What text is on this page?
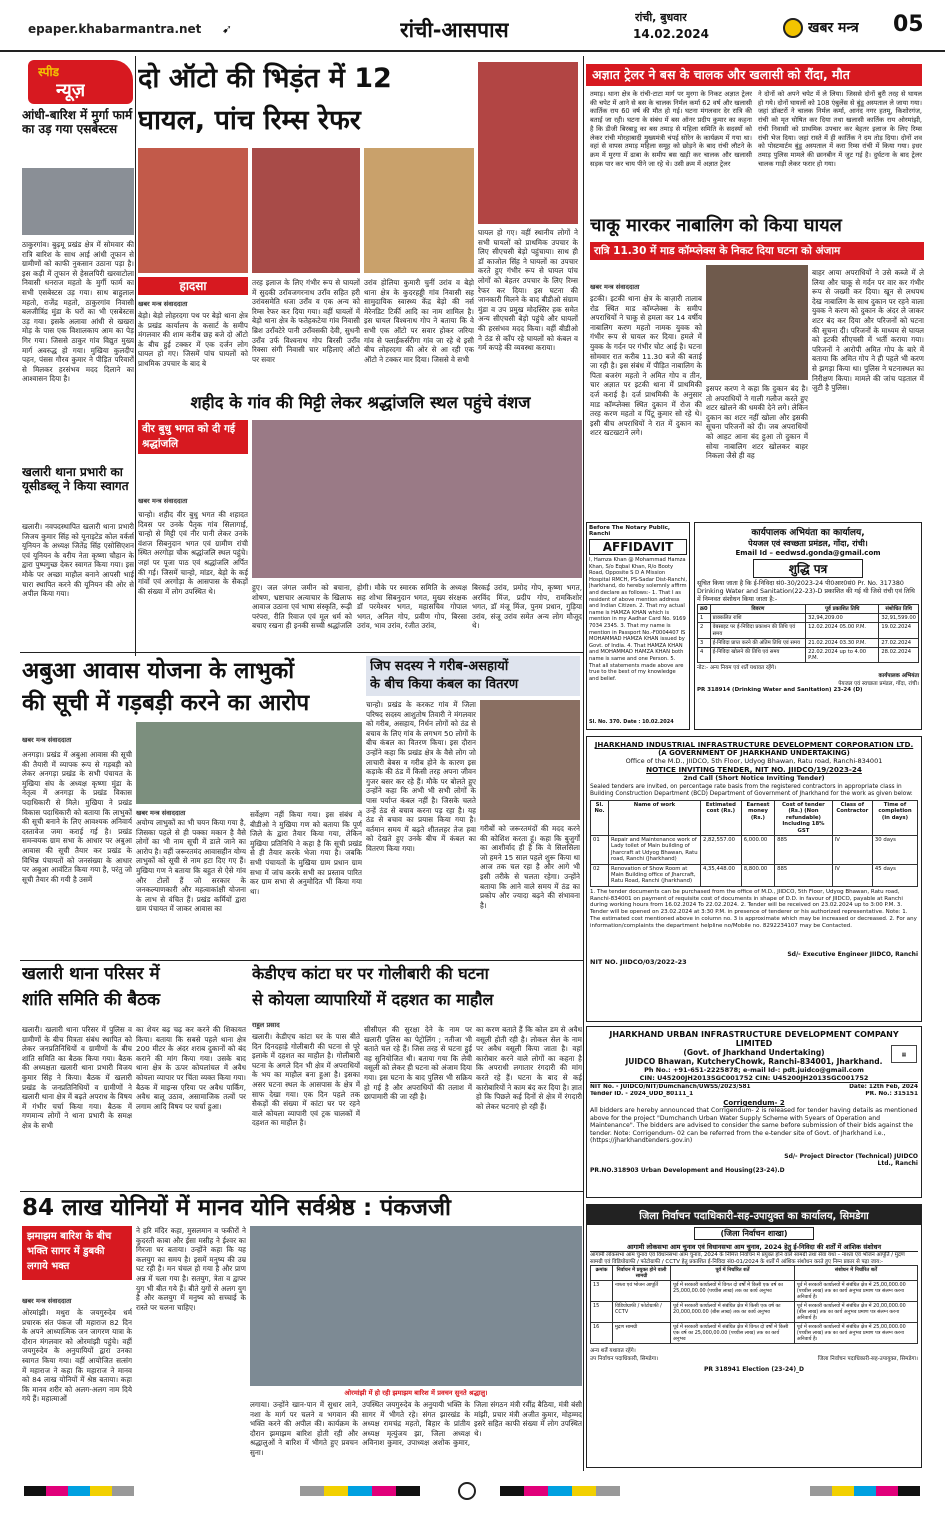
epaper.khabarmantra.net ➹	रांची-आसपास
रांची, बुधवार
14.02.2024	खबर मन्त्र 05
स्पीड
न्यूज़
आंधी-बारिश में मुर्गा फार्म का उड़ गया एसबेस्टस
ठाकुरगांव। बुढ़मू प्रखंड क्षेत्र में सोमवार की रात्रि बारिश के साथ आई आंधी तूफान से ग्रामीणों को काफी नुकसान उठाना पड़ा है। इस कड़ी में तूफान से हेसलपिरी खरवाटोला निवासी धनराज महतो के मुर्गी फार्म का सभी एसबेस्टस उड़ गया। साथ बाहुलाल महतो, राजेंद्र महतो, ठाकुरगांव निवासी बलजीत्रिंद्र मुंडा के घरों का भी एसबेस्टस उड़ गया। इसके अलावा आंधी से खखरा मोड़ के पास एक विशालकाय आम का पेड़ गिर गया। जिससे ठाकुर गांव विद्युत मुख्य मार्ग अवरुद्ध हो गया। मुखिया कुलदीप पहन, पंसस गौरव कुमार ने पीड़ित परिवारों से मिलकर हरसंभव मदद दिलाने का आश्वासन दिया है।
खलारी थाना प्रभारी का यूसीडब्लू ने किया स्वागत
खलारी। नवपदस्थापित खलारी थाना प्रभारी जिजय कुमार सिंह को यूनाइटेड कोल वर्कर्स यूनियन के अध्यक्ष जितेंद्र सिंह एसोसिएशन एवं यूनियन के वरीय नेता कृष्णा चौहान के द्वारा पुष्पगुच्छ देकर स्वागत किया गया। इस मौके पर अच्छा माहौल बनाने आपसी भाई चारा स्थापित करने की यूनियन की ओर से अपील किया गया।
दो ऑटो की भिड़ंत में 12
घायल, पांच रिम्स रेफर
हादसा
खबर मन्त्र संवाददाता
बेड़ो। बेड़ो लोहरदगा पथ पर बेड़ो थाना क्षेत्र के प्रखंड कार्यालय के कसार्ट के समीप मंगलवार की शाम करीब छह बजे दो ऑटो के बीच हुई टक्कर में एक दर्जन लोग घायल हो गए। जिसमें पांच घायलों को प्राथमिक उपचार के बाद बे
तरह इलाज के लिए गंभीर रूप से घायलों में सुदकी उराँवजगरनाथ उराँव सहित हरी उरांवसमेति धजा उराँव व एक अन्य को रिम्स रेफर कर दिया गया। वहीं घायलों में बेड़ो थाना क्षेत्र के फतेहकटेया गांव निवासी ब्रिश उराँवटेरे पानी उराँवसकी देवी, सुधनी उराँव उर्फ विश्वनाथ गोप बिरसी उराँव रिक्सा संगी निवासी चार महिलाएं ऑटो पर सवार
उरांव होलिया कुमारी चुनीं उरांव व बेड़ो थाना क्षेत्र के कुदरहड्डी गांव निवासी सह सामुदायिक स्वास्थ्य केंद्र बेड़ो की नर्स मेरेनडिट टिर्की आदि का नाम शामिल है। इस घायल विश्वनाथ गोप ने बताया कि वे सभी एक ऑटो पर सवार होकर जरिया गांव से फ्लाईकर्सरीगा गांव जा रहे थे इसी बीच लोहरदगा की ओर से आ रही एक ऑटो ने टक्कर मार दिया। जिससे वे सभी
घायल हो गए। वहीं स्थानीय लोगों ने सभी घायलों को प्राथमिक उपचार के लिए सीएचसी बेड़ो पहुंचाया। साथ ही डॉ काजोल सिंह ने घायलों का उपचार करते हुए गंभीर रूप से घायल पांच लोगों को बेहतर उपचार के लिए रिम्स रेफर कर दिया। इस घटना की जानकारी मिलने के बाद बीडीओ संग्राम मुंडा व उप प्रमुख मोदस्सिर हक समेत अन्य सीएचसी बेड़ो पहुंचे और घायलों की हरसंभव मदद किया। वहीं बीडीओ ने ठंड से काँप रहे घायलों को कंबल व गर्म कपड़े की व्यवस्था कराया।
अज्ञात ट्रेलर ने बस के चालक और खलासी को रौंदा, मौत
तमाड़। थाना क्षेत्र के रांची-टाटा मार्ग पर मुरगा के निकट अज्ञात ट्रेलर की चपेट में आने से बस के चालक निर्मल कर्मा 62 वर्ष और खलासी कार्तिक राय 60 वर्ष की मौत हो गई। घटना मंगलवार देर रात्रि की बताई जा रही। घटना के संबंध में बस ऑनर प्रदीप कुमार का कहना है कि डीजी बिरबाडू का बस तमाड़ से महिला समिति के सदस्यों को लेकर रांची मोरहाबादी मुख्यमंत्री चंपई सोरेन के कार्यक्रम में गया था। वहां से वापस तमाड़ महिला समूह को छोड़ने के बाद रांची लौटने के क्रम में मुरगा में ढाबा के समीप बस खड़ी कर चालक और खलासी सड़क पार कर चाय पीने जा रहे थे। उसी क्रम में अज्ञात ट्रेलर
ने दोनों को अपने चपेट में ले लिया। जिससे दोनों बुरी तरह से घायल हो गये। दोनों घायलों को 108 एंबुलेंस से बुंडू अस्पताल ले जाया गया। जहां डॉक्टरों ने चालक निर्मल कर्मा, आनंद नगर हतमू, किशोरगंज, रांची को मृत घोषित कर दिया तथा खलासी कार्तिक राय ओरमांझी, रांची निवासी को प्राथमिक उपचार कर बेहतर इलाज के लिए रिम्स रांची भेज दिया। जहां रास्ते में ही कार्तिक ने दम तोड़ दिया। दोनों शव को पोस्टमार्टम बुंडू अस्पताल में करा रिम्स रांची में किया गया। इधर तमाड़ पुलिस मामले की छानबीन में जुट गई है। दुर्घटना के बाद ट्रेलर चालक गाड़ी लेकर फरार हो गया।
चाकू मारकर नाबालिग को किया घायल
रात्रि 11.30 में माड कॉम्प्लेक्स के निकट दिया घटना को अंजाम
खबर मन्त्र संवाददाता
इटकी। इटकी थाना क्षेत्र के बाज़ारी तालाब रोड स्थित माड कॉम्प्लेक्स के समीप अपराधियों ने चाकू से हमला कर 14 वर्षीय नाबालिग करण महतो नामक युवक को गंभीर रूप से घायल कर दिया। हमले में युवक के गर्दन पर गंभीर चोट आई है। घटना सोमवार रात करीब 11.30 बजे की बताई जा रही है। इस संबंध में पीड़ित नाबालिग के पिता बजरंग महतो ने अमित गोप व तीन, चार अज्ञात पर इटकी थाना में प्राथमिकी दर्ज कराई है। दर्ज प्राथमिकी के अनुसार माड कॉम्प्लेक्स स्थित दुकान में रोज की तरह करण महतो व पिंटू कुमार सो रहे थे। इसी बीच अपराधियों ने रात में दुकान का शटर खटखटाने लगे।
इसपर करण ने कहा कि दुकान बंद है। तो अपराधियों ने गाली गलौज करते हुए शटर खोलने की धमकी देने लगे। लेकिन दुकान का शटर नहीं खोला और इसकी सूचना परिजनों को दी। जब अपराधियों को आहट आना बंद हुआ तो दुकान में सोया नाबालिग शटर खोलकर बाहर निकला जैसे ही वह
बाहर आया अपराधियों ने उसे कब्जे में ले लिया और चाकू से गर्दन पर वार कर गंभीर रूप से जख्मी कर दिया। खून से लथपथ देख नाबालिग के साथ दुकान पर रहने वाला युवक ने करण को दुकान के अंदर ले जाकर शटर बंद कर दिया और परिजनों को घटना की सूचना दी। परिजनों के माध्यम से घायल को इटकी सीएचसी में भर्ती कराया गया। परिजनों ने आरोपी अमित गोप के बारे में बताया कि अमित गोप ने ही पहले भी करण से झगड़ा किया था। पुलिस ने घटनास्थल का निरीक्षण किया। मामले की जांच पड़ताल में जुटी है पुलिस।
शहीद के गांव की मिट्टी लेकर श्रद्धांजलि स्थल पहुंचे वंशज
वीर बुधु भगत को दी गई श्रद्धांजलि
खबर मन्त्र संवाददाता
चान्हो। शहीद वीर बुधु भगत की शहादत दिवस पर उनके पैतृक गांव सिलागाई, चान्हो से मिट्टी एवं नीर पानी लेकर उनके वंशज सिबनुदान भगत एवं ग्रामीण रांची स्थित अरगोड़ा चौक श्रद्धांजलि स्थल पहुंचे। जहां पर पूजा पाठ एवं श्रद्धांजलि अर्पित की गई। जिसमें चान्हो, मांडर, बेड़ो के कई गांवों एवं अरगोड़ा के आसपास के सैकड़ों की संख्या में लोग उपस्थित थे।	हुए। जल जंगल जमीन को बचाना, शोषण, भ्रष्टाचार अत्याचार के खिलाफ आवाज उठाना एवं भाषा संस्कृति, रूढ़ी परंपरा, रीति रिवाज एवं मूल धर्म को बचाए रखना ही इनकी सच्ची श्रद्धांजलि
होगी। मौके पर स्मारक समिति के अध्यक्ष सह शोभा सिबनुदान भगत, मुख्य संरक्षक डॉ परमेश्वर भगत, महासचिव गोपाल भगत, अनिल गोप, प्रवीण गोप, बिरसा उरांव, भाव उरांव, रंजीत उरांव,
बिरकई उरांव, प्रमोद गोप, कृष्णा भगत, अरविंद मिंज, प्रदीप गोप, रामकिशोर भगत, डॉ मंजू मिंज, पुनम प्रधान, गुड़िया उरांव, संजू उरांव समेत अन्य लोग मौजूद थे।
अबुआ आवास योजना के लाभुकों
की सूची में गड़बड़ी करने का आरोप
खबर मन्त्र संवाददाता
अनगड़ा। प्रखंड में अबुआ आवास की सूची की तैयारी में व्यापक रूप से गड़बड़ी को लेकर अनगड़ा प्रखंड के सभी पंचायत के मुखिया संघ के अध्यक्ष कृष्णा मुंडा के नेतृत्व में अनगड़ा के प्रखंड विकास पदाधिकारी से मिले। मुखिया ने प्रखंड विकास पदाधिकारी को बताया कि लाभुकों की सूची बनाने के लिए आवश्यक अनिवार्य दस्तावेज जमा कराई गई है। प्रखंड समन्वयक ग्राम सभा के आधार पर अबुआ आवास की सूची तैयार कर प्रखंड के विभिन्न पंचायतों को जनसंख्या के आधार पर अबुआ आवंटित किया गया है, परंतु जो सूची तैयार की गयी है उसमें
खबर मन्त्र संवाददाता
अयोग्य लाभुकों का भी चयन किया गया है, जिसका पहले से ही पक्का मकान है वैसे लोगों का भी नाम सूची में डाले जाने का आरोप है। वहीं जरूरतमंद आवासहीन योग्य लाभुकों को सूची से नाम हटा दिए गए हैं। मुखिया गण ने बताया कि बहुत से ऐसे गांव और टोलों हैं जो सरकार के जनकल्याणकारी और महत्वाकांक्षी योजना के लाभ से वंचित हैं। प्रखंड कर्मियों द्वारा ग्राम पंचायत में जाकर आवास का
सर्वेक्षण नहीं किया गया। इस संबंध में बीडीओ ने मुखिया गण को बताया कि पूर्ण जिले के द्वारा तैयार किया गया, लेकिन मुखिया प्रतिनिधि ने कहा है कि सूची प्रखंड से ही तैयार करके भेजा गया है। जबकि सभी पंचायतों के मुखिया ग्राम प्रधान ग्राम सभा में जांच करके सभी का प्रस्ताव पारित कर ग्राम सभा से अनुमोदित भी किया गया था।
जिप सदस्य ने गरीब-असहायों
के बीच किया कंबल का वितरण
चान्हो। प्रखंड के करकट गांव में जिला परिषद सदस्य आशुतोष तिवारी ने मंगलवार को गरीब, असहाय, निर्धन लोगों को ठंड से बचाव के लिए गांव के लगभग 50 लोगों के बीच कंबल का वितरण किया। इस दौरान उन्होंने कहा कि प्रखंड क्षेत्र के वैसे लोग जो लाचारी बेबस व गरीब होने के कारण इस कड़ाके की ठंड में किसी तरह अपना जीवन गुजर बसर कर रहे हैं। मौके पर बोलते हुए उन्होंने कहा कि अभी भी सभी लोगों के पास पर्याप्त कंबल नहीं है। जिसके चलते उन्हें ठंड से बचाव करना पड़ रहा है। यह ठंड से बचाव का प्रयास किया गया है। वर्तमान समय में बढ़ते शीतलहर तेज हवा को देखते हुए उनके बीच में कंबल का वितरण किया गया।
गरीबों को जरूरतमंदों की मदद करने की कोशिश करता हूं। कहा कि बुजुर्गों का आशीर्वाद ही है कि वे सिलसिला जो हमने 15 साल पहले शुरू किया था आज तक चल रहा है और आगे भी इसी तरीके से चलता रहेगा। उन्होंने बताया कि आने वाले समय में ठंड का प्रकोप और ज्यादा बढ़ने की संभावना है।
Before The Notary Public, Ranchi
AFFIDAVIT
I, Hamza Khan @ Mohammad Hamza Khan, S/o Eqbal Khan, R/o Booty Road, Opposite S D A Mission Hospital RMCH, PS-Sadar Dist-Ranchi, Jharkhand, do hereby solemnly affirm and declare as follows:- 1. That I as resident of above mention address and Indian Citizen. 2. That my actual name is HAMZA KHAN which is mention in my Aadhar Card No. 9169 7034 2345. 3. That my name is mention in Passport No.-F0004407 IS MOHAMMAD HAMZA KHAN issued by Govt. of India. 4. That HAMZA KHAN and MOHAMMAD HAMZA KHAN both name is same and one Person. 5. That all statements made above are true to the best of my knowledge and belief.
Sl. No. 370. Date : 10.02.2024
कार्यपालक अभियंता का कार्यालय,
पेयजल एवं स्वच्छता प्रमंडल, गोंदा, रांची।
Email Id – eedwsd.gonda@gmail.com
शुद्धि पत्र
सूचित किया जाता है कि ई-निविदा सं0-30/2023-24 पी0आर0सं0 Pr. No. 317380 Drinking Water and Sanitation(22-23)-D प्रकाशित की गई थी जिसे रांची एवं तिथि में निम्नवत संशोधन किया जाता है:-
क्र0	विवरण	पूर्व प्रकाशित तिथि	संशोधित तिथि
1	प्राक्कलित राशि	32,94,209.00	32,91,599.00
2	वेबसाइट पर ई-निविदा प्रकाशन की तिथि एवं समय	12.02.2024 05.00 P.M.	19.02.2024
3	ई-निविदा प्राप्त करने की अंतिम तिथि एवं समय	21.02.2024 03.30 P.M.	27.02.2024
4	ई-निविदा खोलने की तिथि एवं समय	22.02.2024 up to 4.00 P.M.	28.02.2024
नोट:- अन्य नियम एवं शर्तें यथावत रहेंगे।
कार्यपालक अभियंता
पेयजल एवं स्वच्छता प्रमंडल, गोंदा, रांची।
PR 318914 (Drinking Water and Sanitation) 23-24 (D)
JHARKHAND INDUSTRIAL INFRASTRUCTURE DEVELOPMENT CORPORATION LTD.
(A GOVERNMENT OF JHARKHAND UNDERTAKING)
Office of the M.D., JIIDCO, 5th Floor, Udyog Bhawan, Ratu road, Ranchi-834001
NOTICE INVITING TENDER, NIT NO. JIIDCO/19/2023-24
2nd Call (Short Notice Inviting Tender)
Sealed tenders are invited, on percentage rate basis from the registered contractors in appropriate class in Building Construction Department (BCD) Department of Government of Jharkhand for the work as given below:
Sl. No.	Name of work	Estimated cost (Rs.)	Earnest money (Rs.)	Cost of tender (Rs.) (Non refundable) Including 18% GST	Class of Contractor	Time of completion (in days)
01	Repair and Maintenance work of Lady toilet of Main building of Jharcraft at Udyog Bhawan, Ratu road, Ranchi (Jharkhand)	2,82,557.00	6,000.00	885	IV	30 days
02	Renovation of Show Room at Main Building office of Jharcraft, Ratu Road, Ranchi (Jharkhand)	4,35,448.00	8,800.00	885	IV	45 days
1. The tender documents can be purchased from the office of M.D., JIIDCO, 5th Floor, Udyog Bhawan, Ratu road, Ranchi-834001 on payment of requisite cost of documents in shape of D.D. in favour of JIIDCO, payable at Ranchi during working hours from 16.02.2024 To 22.02.2024. 2. Tender will be received on 23.02.2024 up to 3:00 P.M. 3. Tender will be opened on 23.02.2024 at 3:30 P.M. in presence of tenderer or his authorized representative. Note: 1. The estimated cost mentioned above in column no. 3 is approximate which may be increased or decreased. 2. For any information/complaints the department helpline no/Mobile no. 8292234107 may be Contacted.
Sd/- Executive Engineer JIIDCO, Ranchi
NIT NO. JIIDCO/03/2022-23
▦
JHARKHAND URBAN INFRASTRUCTURE DEVELOPMENT COMPANY LIMITED
(Govt. of Jharkhand Undertaking)
JUIDCO Bhawan, KutcheryChowk, Ranchi-834001, Jharkhand.
Ph No.: +91-651-2225878; e-mail Id-: pdt.juidco@gmail.com
CIN: U45200JH2013SGC001752 CIN: U45200JH2013SGC001752
NIT No. - JUIDCO/NIT/Dumchanch/UWSS/2023/581	Date: 12th Feb, 2024
Tender ID. - 2024_UDD_80111_1	PR. No.: 315151
Corrigendum- 2
All bidders are hereby announced that Corrigendum- 2 is released for tender having details as mentioned above for the project "Dumchanch Urban Water Supply Scheme with 5years of Operation and Maintenance". The bidders are advised to consider the same before submission of their bids against the tender. Note: Corrigendum- 02 can be referred from the e-tender site of Govt. of Jharkhand i.e., (https://jharkhandtenders.gov.in)
Sd/- Project Director (Technical) JUIDCO Ltd., Ranchi
PR.NO.318903 Urban Development and Housing(23-24).D
खलारी थाना परिसर में
शांति समिति की बैठक
खलारी। खलारी थाना परिसर में पुलिस व ग्रामीणों के बीच मित्रता संबंध स्थापित को लेकर जनप्रतिनिधियों व ग्रामीणों के बीच शांति समिति का बैठक किया गया। बैठक की अध्यक्षता खलारी थाना प्रभारी विजय कुमार सिंह ने किया। बैठक में खलारी प्रखंड के जनप्रतिनिधियों व ग्रामीणों ने खलारी थाना क्षेत्र में बढ़ते अपराध के विषय में गंभीर चर्चा किया गया। बैठक में गणमान्य लोगों ने थाना प्रभारी के समक्ष क्षेत्र के सभी
का शेयर बढ़ चढ़ कर करने की शिकायत किया। बताया कि सबसे पहले थाना क्षेत्र 200 मीटर के अंदर शराब दुकानों को बंद कराने की मांग किया गया। उसके बाद थाना क्षेत्र के ऊपर कोयलांचल में अवैध कोयला व्यापार पर चिंता व्यक्त किया गया। बैठक में माइन्स एरिया पर अवैध पार्किंग, अवैध बालू उठाव, असामाजिक तत्वों पर लगाम आदि विषय पर चर्चा हुआ।
केडीएच कांटा घर पर गोलीबारी की घटना
से कोयला व्यापारियों में दहशत का माहौल
राहुल प्रसाद
खलारी। केडीएच कांटा घर के पास बीते दिन दिनदहाड़े गोलीबारी की घटना से पूरे इलाके में दहशत का माहौल है। गोलीबारी घटना के अगले दिन भी क्षेत्र में अपराधियों के भय का माहौल बना हुआ है। इसका असर घटना स्थल के आसपास के क्षेत्र में साफ देखा गया। एक दिन पहले तक सैकड़ों की संख्या में कांटा घर पर रहने वाले कोयला व्यापारी एवं ट्रक चालकों में दहशत का माहौल है।
सीसीएल की सुरक्षा देने के नाम पर खलारी पुलिस का पेट्रोलिंग ; नतीजा भी बताते चल रहे हैं। जिस तरह से घटना हुई वह सुनियोजित थी। बताया गया कि लेवी वसूली को लेकर ही घटना को अंजाम दिया गया। इस घटना के बाद पुलिस भी सक्रिय हो गई है और अपराधियों की तलाश में छापामारी की जा रही है।
का करण बताते हैं कि कोल डम से अवैध वसूली होती रही है। लोकल सेल के नाम पर अवैध वसूली किया जाता है। वहां कारोबार करने वाले लोगों का कहना है कि अपराधी लगातार रंगदारी की मांग करते रहे हैं। घटना के बाद से कई कारोबारियों ने काम बंद कर दिया है। ज्ञात हो कि पिछले कई दिनों से क्षेत्र में रंगदारी को लेकर घटनाएं हो रही हैं।
84 लाख योनियों में मानव योनि सर्वश्रेष्ठ : पंकजजी
झमाझम बारिश के बीच भक्ति सागर में डुबकी लगाये भक्त
खबर मन्त्र संवाददाता
ओरमांझी। मथुरा के जयगुरुदेव धर्म प्रचारक संत पंकज जी महाराज 82 दिन के अपने आध्यात्मिक जन जागरण यात्रा के दौरान मंगलवार को ओरमांझी पहुंचे। वहीं जयगुरुदेव के अनुयायियों द्वारा उनका स्वागत किया गया। वहीं आयोजित सत्संग में महाराज ने कहा कि महाराज ने मानव को 84 लाख योनियों में श्रेष्ठ बताया। कहा कि मानव शरीर को अलग-अलग नाम दिये गये हैं। महात्माओं
ने हरि मंदिर कहा, मुसलमान व फकीरों ने कुदरती काबा और ईसा मसीह ने ईश्वर का गिरजा घर बताया। उन्होंने कहा कि यह कलयुग का समय है। इसमें मनुष्य की उम्र घट रही है। मन चंचल हो गया है और प्राण अन्न में चला गया है। सतयुग, त्रेता व द्वापर युग भी बीत गये हैं। बीते युगों से अलग युग है और कलयुग में मनुष्य को सच्चाई के रास्ते पर चलना चाहिए।
ओरमांझी में हो रही झमाझम बारिश में प्रवचन सुनते श्रद्धालु।
लगाया। उन्होंने खान-पान में सुधार लाने, नशा के मार्ग पर चलने व भगवान की भक्ति करने की अपील की। कार्यक्रम के दौरान झमाझम बारिश होती रही और श्रद्धालुओं ने बारिश में भीगते हुए प्रवचन सुना।
उपस्थित जयगुरुदेव के अनुयायी भक्ति के सागर में भीगते रहे। संगत झारखंड के अध्यक्ष रामचंद्र महतो, बिहार के प्रांतीय अध्यक्ष मृत्युंजय झा, जिला अध्यक्ष अविनाश कुमार, उपाध्यक्ष अशोक कुमार, जिला संगठन मंत्री रवींद्र बैठिया, मंत्री बंसी मांझी, प्रचार मंत्री अजीत कुमार, मोहम्मद इसरे सहित काफी संख्या में लोग उपस्थित थे।
जिला निर्वाचन पदाधिकारी-सह-उपायुक्त का कार्यालय, सिमडेगा
(जिला निर्वाचन शाखा)
आगामी लोकसभा आम चुनाव एवं विधानसभा आम चुनाव, 2024 हेतु ई-निविदा की शर्तों में आंशिक संशोधन
आगामी लोकसभा आम चुनाव एवं विधानसभा आम चुनाव, 2024 के निमित्त निर्वाचन में प्रयुक्त होने वाले सामग्री तथा सेवा यथा – नाश्ता एवं भोजन आपूर्ति / मुद्रण सामग्री एवं विडियोग्राफी / फोटोग्राफी / CCTV हेतु प्रकाशित ई-निविदा सं0-01/2024 के शर्तों में आंशिक संशोधन करते हुए निम्न प्रकार से पढ़ा जाय:-
क्रमांक	निर्वाचन में प्रयुक्त होने वाली सामग्री	पूर्व में निर्धारित शर्तें	संशोधन में निर्धारित शर्तें
13	नाश्ता एवं भोजन आपूर्ति	पूर्व में सरकारी कार्यालयों में विगत दो वर्षों में किसी एक वर्ष का 25,000,00.00 (पच्चीस लाख) तक का कार्य अनुभव	पूर्व में सरकारी कार्यालयों में संबंधित क्षेत्र में 25,00,000.00 (पच्चीस लाख) तक का कार्य अनुभव प्रमाण पत्र संलग्न करना अनिवार्य है।
15	विडियोग्राफी / फोटोग्राफी / CCTV	पूर्व में सरकारी कार्यालयों में संबंधित क्षेत्र में किसी एक वर्ष का 20,000,000.00 (बीस लाख) तक का कार्य अनुभव	पूर्व में सरकारी कार्यालयों में संबंधित क्षेत्र में 20,00,000.00 (बीस लाख) तक का कार्य अनुभव प्रमाण पत्र संलग्न करना अनिवार्य है।
16	मुद्रण सामग्री	पूर्व में सरकारी कार्यालयों में संबंधित क्षेत्र में विगत दो वर्षों में किसी एक वर्ष का 25,000,00.00 (पच्चीस लाख) तक का कार्य अनुभव	पूर्व में सरकारी कार्यालयों में संबंधित क्षेत्र में 25,00,000.00 (पच्चीस लाख) तक का कार्य अनुभव प्रमाण पत्र संलग्न करना अनिवार्य है।
अन्य शर्तें यथावत रहेंगे।
उप निर्वाचन पदाधिकारी, सिमडेगा।	जिला निर्वाचन पदाधिकारी-सह-उपायुक्त, सिमडेगा।
PR 318941 Election (23-24)_D
